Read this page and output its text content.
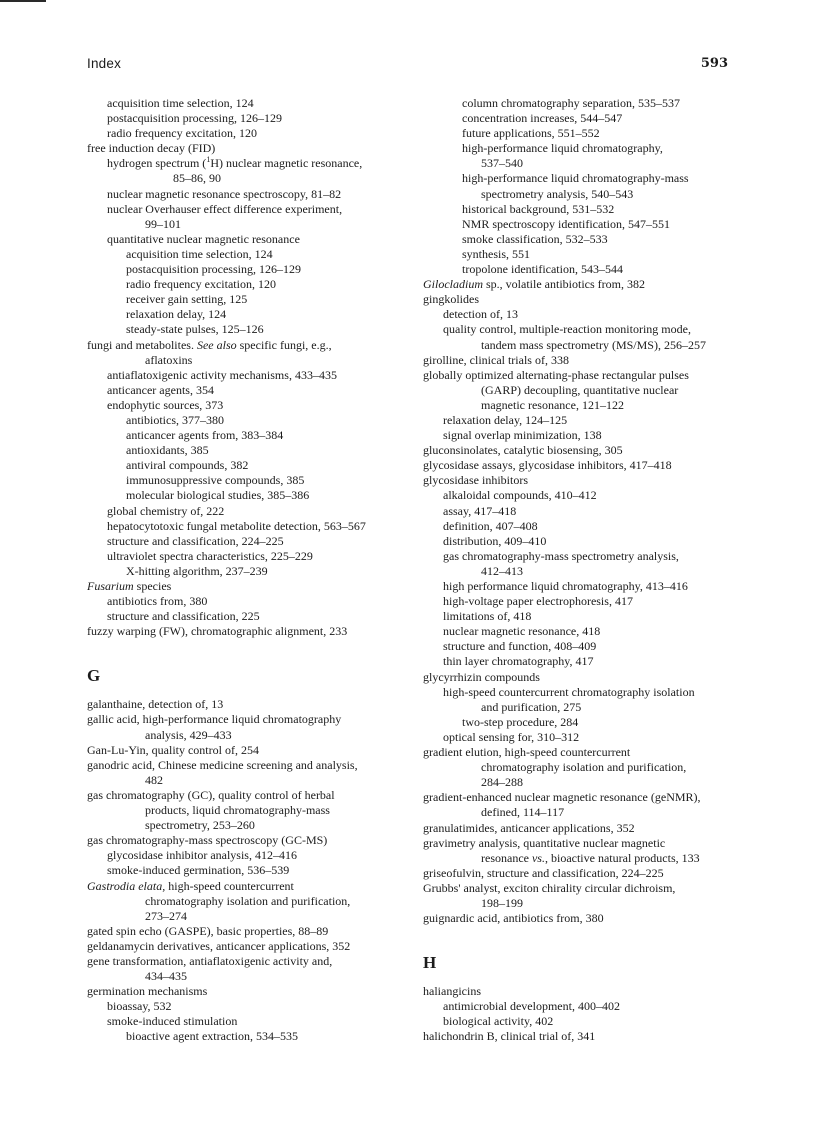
Index	593
acquisition time selection, 124
postacquisition processing, 126–129
radio frequency excitation, 120
free induction decay (FID)
hydrogen spectrum ($^1$H) nuclear magnetic resonance,
85–86, 90
nuclear magnetic resonance spectroscopy, 81–82
nuclear Overhauser effect difference experiment,
99–101
quantitative nuclear magnetic resonance
acquisition time selection, 124
postacquisition processing, 126–129
radio frequency excitation, 120
receiver gain setting, 125
relaxation delay, 124
steady-state pulses, 125–126
fungi and metabolites. See also specific fungi, e.g.,
aflatoxins
antiaflatoxigenic activity mechanisms, 433–435
anticancer agents, 354
endophytic sources, 373
antibiotics, 377–380
anticancer agents from, 383–384
antioxidants, 385
antiviral compounds, 382
immunosuppressive compounds, 385
molecular biological studies, 385–386
global chemistry of, 222
hepatocytotoxic fungal metabolite detection, 563–567
structure and classification, 224–225
ultraviolet spectra characteristics, 225–229
X-hitting algorithm, 237–239
Fusarium species
antibiotics from, 380
structure and classification, 225
fuzzy warping (FW), chromatographic alignment, 233
G
galanthaine, detection of, 13
gallic acid, high-performance liquid chromatography
analysis, 429–433
Gan-Lu-Yin, quality control of, 254
ganodric acid, Chinese medicine screening and analysis,
482
gas chromatography (GC), quality control of herbal
products, liquid chromatography-mass
spectrometry, 253–260
gas chromatography-mass spectroscopy (GC-MS)
glycosidase inhibitor analysis, 412–416
smoke-induced germination, 536–539
Gastrodia elata, high-speed countercurrent
chromatography isolation and purification,
273–274
gated spin echo (GASPE), basic properties, 88–89
geldanamycin derivatives, anticancer applications, 352
gene transformation, antiaflatoxigenic activity and,
434–435
germination mechanisms
bioassay, 532
smoke-induced stimulation
bioactive agent extraction, 534–535
column chromatography separation, 535–537
concentration increases, 544–547
future applications, 551–552
high-performance liquid chromatography,
537–540
high-performance liquid chromatography-mass
spectrometry analysis, 540–543
historical background, 531–532
NMR spectroscopy identification, 547–551
smoke classification, 532–533
synthesis, 551
tropolone identification, 543–544
Gilocladium sp., volatile antibiotics from, 382
gingkolides
detection of, 13
quality control, multiple-reaction monitoring mode,
tandem mass spectrometry (MS/MS), 256–257
girolline, clinical trials of, 338
globally optimized alternating-phase rectangular pulses
(GARP) decoupling, quantitative nuclear
magnetic resonance, 121–122
relaxation delay, 124–125
signal overlap minimization, 138
gluconsinolates, catalytic biosensing, 305
glycosidase assays, glycosidase inhibitors, 417–418
glycosidase inhibitors
alkaloidal compounds, 410–412
assay, 417–418
definition, 407–408
distribution, 409–410
gas chromatography-mass spectrometry analysis,
412–413
high performance liquid chromatography, 413–416
high-voltage paper electrophoresis, 417
limitations of, 418
nuclear magnetic resonance, 418
structure and function, 408–409
thin layer chromatography, 417
glycyrrhizin compounds
high-speed countercurrent chromatography isolation
and purification, 275
two-step procedure, 284
optical sensing for, 310–312
gradient elution, high-speed countercurrent
chromatography isolation and purification,
284–288
gradient-enhanced nuclear magnetic resonance (geNMR),
defined, 114–117
granulatimides, anticancer applications, 352
gravimetry analysis, quantitative nuclear magnetic
resonance vs., bioactive natural products, 133
griseofulvin, structure and classification, 224–225
Grubbs' analyst, exciton chirality circular dichroism,
198–199
guignardic acid, antibiotics from, 380
H
haliangicins
antimicrobial development, 400–402
biological activity, 402
halichondrin B, clinical trial of, 341
